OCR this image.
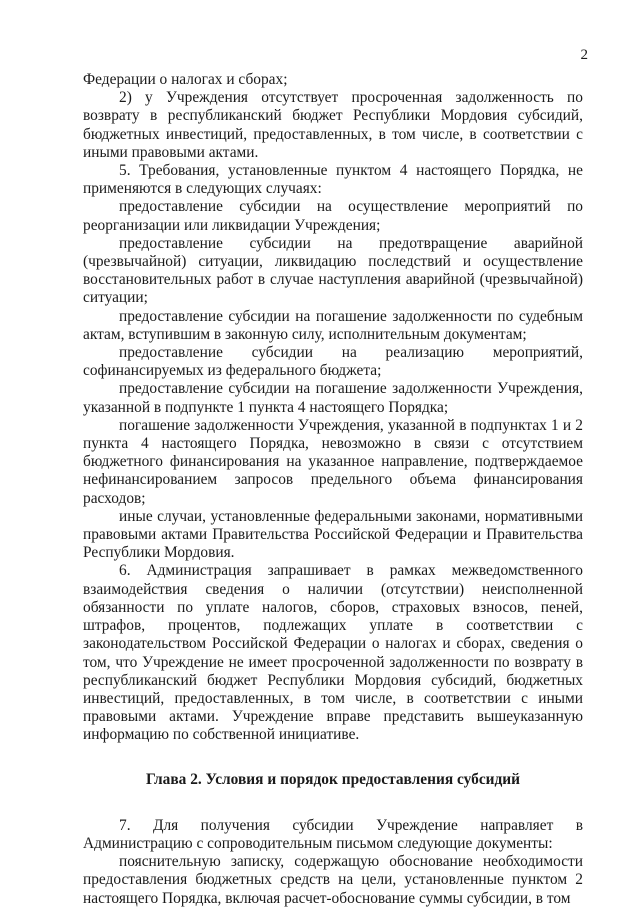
2

Федерации о налогах и сборах;

2) у Учреждения отсутствует просроченная задолженность по возврату в республиканский бюджет Республики Мордовия субсидий, бюджетных инвестиций, предоставленных, в том числе, в соответствии с иными правовыми актами.

5. Требования, установленные пунктом 4 настоящего Порядка, не применяются в следующих случаях:

предоставление субсидии на осуществление мероприятий по реорганизации или ликвидации Учреждения;

предоставление субсидии на предотвращение аварийной (чрезвычайной) ситуации, ликвидацию последствий и осуществление восстановительных работ в случае наступления аварийной (чрезвычайной) ситуации;

предоставление субсидии на погашение задолженности по судебным актам, вступившим в законную силу, исполнительным документам;

предоставление субсидии на реализацию мероприятий, софинансируемых из федерального бюджета;

предоставление субсидии на погашение задолженности Учреждения, указанной в подпункте 1 пункта 4 настоящего Порядка;

погашение задолженности Учреждения, указанной в подпунктах 1 и 2 пункта 4 настоящего Порядка, невозможно в связи с отсутствием бюджетного финансирования на указанное направление, подтверждаемое нефинансированием запросов предельного объема финансирования расходов;

иные случаи, установленные федеральными законами, нормативными правовыми актами Правительства Российской Федерации и Правительства Республики Мордовия.

6. Администрация запрашивает в рамках межведомственного взаимодействия сведения о наличии (отсутствии) неисполненной обязанности по уплате налогов, сборов, страховых взносов, пеней, штрафов, процентов, подлежащих уплате в соответствии с законодательством Российской Федерации о налогах и сборах, сведения о том, что Учреждение не имеет просроченной задолженности по возврату в республиканский бюджет Республики Мордовия субсидий, бюджетных инвестиций, предоставленных, в том числе, в соответствии с иными правовыми актами. Учреждение вправе представить вышеуказанную информацию по собственной инициативе.

Глава 2. Условия и порядок предоставления субсидий

7. Для получения субсидии Учреждение направляет в Администрацию с сопроводительным письмом следующие документы:

пояснительную записку, содержащую обоснование необходимости предоставления бюджетных средств на цели, установленные пунктом 2 настоящего Порядка, включая расчет-обоснование суммы субсидии, в том
